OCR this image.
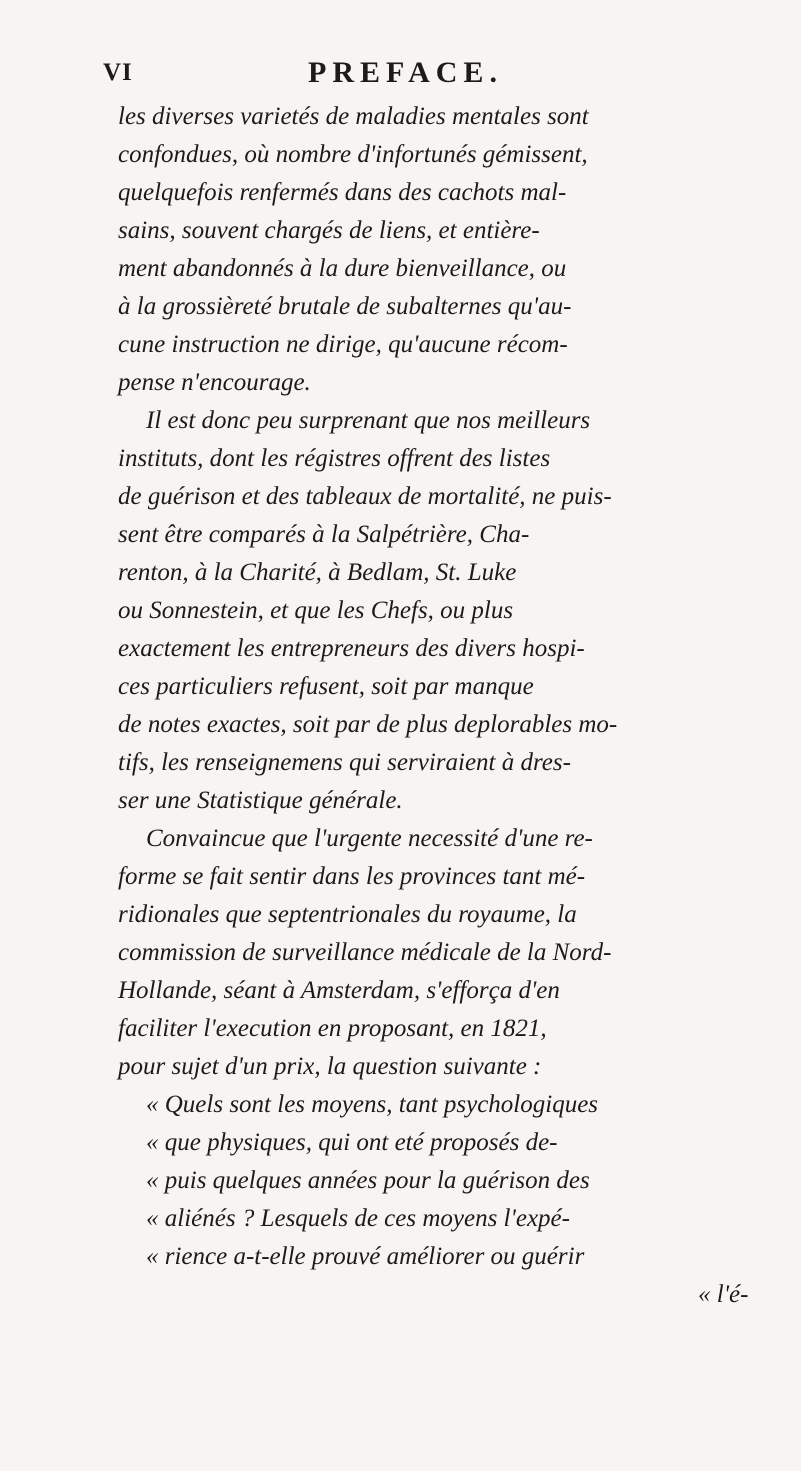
VI	PREFACE.
les diverses varietés de maladies mentales sont
confondues, où nombre d'infortunés gémissent,
quelquefois renfermés dans des cachots mal-
sains, souvent chargés de liens, et entière-
ment abandonnés à la dure bienveillance, ou
à la grossièreté brutale de subalternes qu'au-
cune instruction ne dirige, qu'aucune récom-
pense n'encourage.
Il est donc peu surprenant que nos meilleurs
instituts, dont les régistres offrent des listes
de guérison et des tableaux de mortalité, ne puis-
sent être comparés à la Salpétrière, Cha-
renton, à la Charité, à Bedlam, St. Luke
ou Sonnestein, et que les Chefs, ou plus
exactement les entrepreneurs des divers hospi-
ces particuliers refusent, soit par manque
de notes exactes, soit par de plus deplorables mo-
tifs, les renseignemens qui serviraient à dres-
ser une Statistique générale.
Convaincue que l'urgente necessité d'une re-
forme se fait sentir dans les provinces tant mé-
ridionales que septentrionales du royaume, la
commission de surveillance médicale de la Nord-
Hollande, séant à Amsterdam, s'efforça d'en
faciliter l'execution en proposant, en 1821,
pour sujet d'un prix, la question suivante :
« Quels sont les moyens, tant psychologiques
« que physiques, qui ont eté proposés de-
« puis quelques années pour la guérison des
« aliénés ? Lesquels de ces moyens l'expé-
« rience a-t-elle prouvé améliorer ou guérir
« l'é-
